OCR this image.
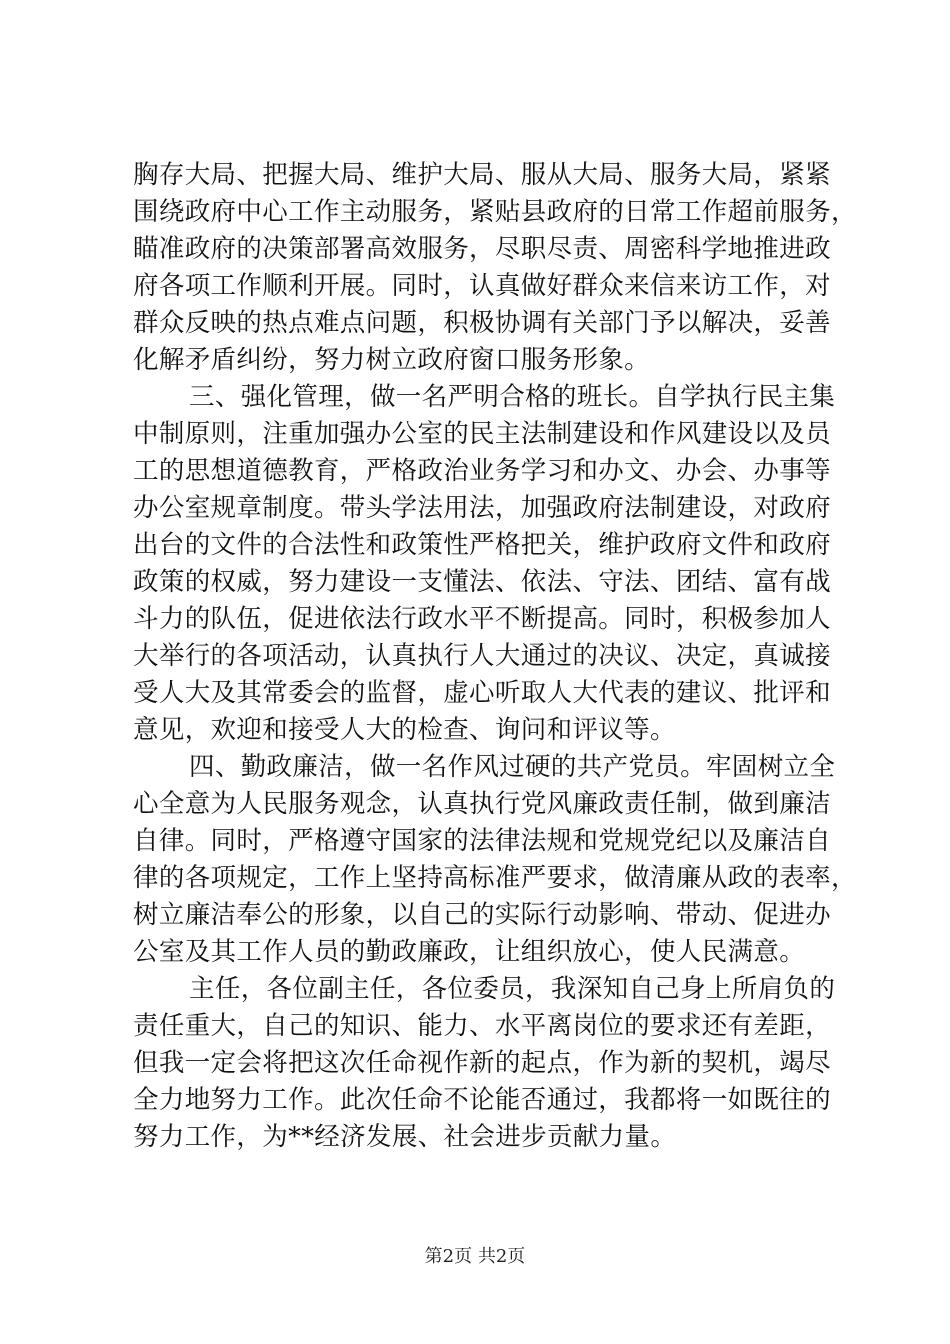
胸存大局、把握大局、维护大局、服从大局、服务大局，紧紧
围绕政府中心工作主动服务，紧贴县政府的日常工作超前服务，
瞄准政府的决策部署高效服务，尽职尽责、周密科学地推进政
府各项工作顺利开展。同时，认真做好群众来信来访工作，对
群众反映的热点难点问题，积极协调有关部门予以解决，妥善
化解矛盾纠纷，努力树立政府窗口服务形象。
三、强化管理，做一名严明合格的班长。自学执行民主集
中制原则，注重加强办公室的民主法制建设和作风建设以及员
工的思想道德教育，严格政治业务学习和办文、办会、办事等
办公室规章制度。带头学法用法，加强政府法制建设，对政府
出台的文件的合法性和政策性严格把关，维护政府文件和政府
政策的权威，努力建设一支懂法、依法、守法、团结、富有战
斗力的队伍，促进依法行政水平不断提高。同时，积极参加人
大举行的各项活动，认真执行人大通过的决议、决定，真诚接
受人大及其常委会的监督，虚心听取人大代表的建议、批评和
意见，欢迎和接受人大的检查、询问和评议等。
四、勤政廉洁，做一名作风过硬的共产党员。牢固树立全
心全意为人民服务观念，认真执行党风廉政责任制，做到廉洁
自律。同时，严格遵守国家的法律法规和党规党纪以及廉洁自
律的各项规定，工作上坚持高标准严要求，做清廉从政的表率，
树立廉洁奉公的形象，以自己的实际行动影响、带动、促进办
公室及其工作人员的勤政廉政，让组织放心，使人民满意。
主任，各位副主任，各位委员，我深知自己身上所肩负的
责任重大，自己的知识、能力、水平离岗位的要求还有差距，
但我一定会将把这次任命视作新的起点，作为新的契机，竭尽
全力地努力工作。此次任命不论能否通过，我都将一如既往的
努力工作，为**经济发展、社会进步贡献力量。
第2页 共2页
